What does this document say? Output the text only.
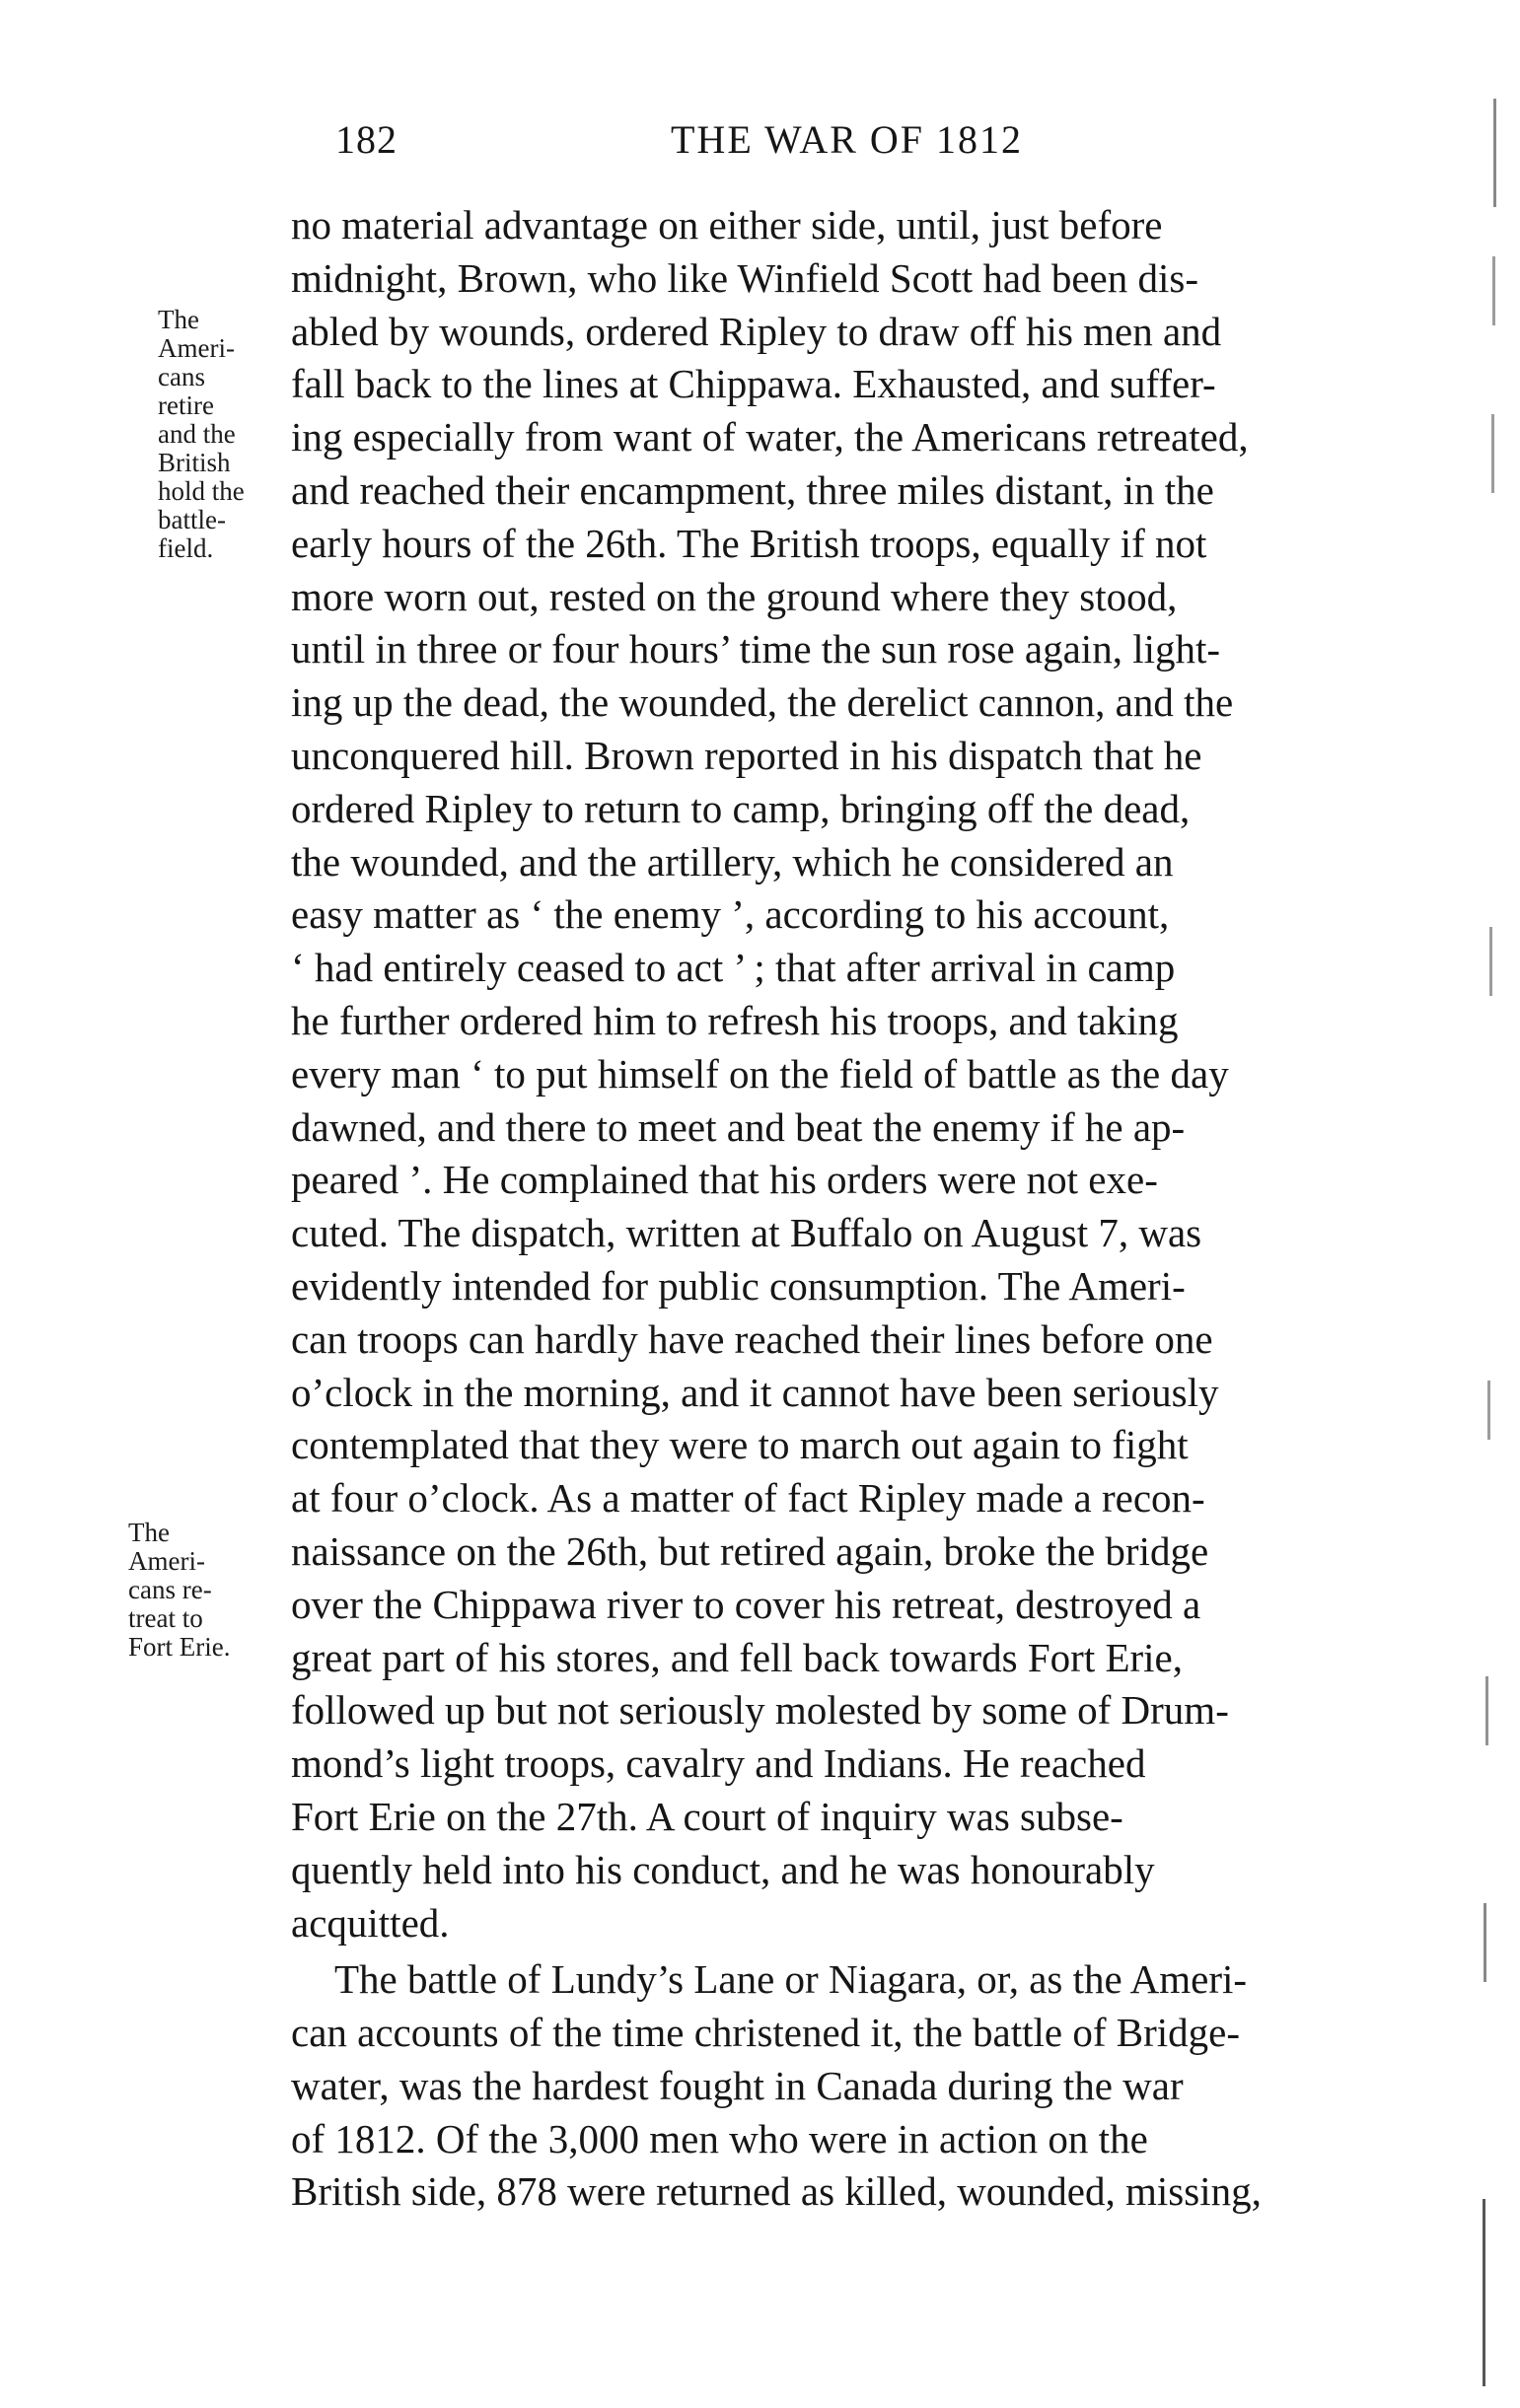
182	THE WAR OF 1812
The
Ameri-
cans
retire
and the
British
hold the
battle-
field.
The
Ameri-
cans re-
treat to
Fort Erie.
no material advantage on either side, until, just before
midnight, Brown, who like Winfield Scott had been dis-
abled by wounds, ordered Ripley to draw off his men and
fall back to the lines at Chippawa. Exhausted, and suffer-
ing especially from want of water, the Americans retreated,
and reached their encampment, three miles distant, in the
early hours of the 26th. The British troops, equally if not
more worn out, rested on the ground where they stood,
until in three or four hours’ time the sun rose again, light-
ing up the dead, the wounded, the derelict cannon, and the
unconquered hill. Brown reported in his dispatch that he
ordered Ripley to return to camp, bringing off the dead,
the wounded, and the artillery, which he considered an
easy matter as ‘ the enemy ’, according to his account,
‘ had entirely ceased to act ’ ; that after arrival in camp
he further ordered him to refresh his troops, and taking
every man ‘ to put himself on the field of battle as the day
dawned, and there to meet and beat the enemy if he ap-
peared ’. He complained that his orders were not exe-
cuted. The dispatch, written at Buffalo on August 7, was
evidently intended for public consumption. The Ameri-
can troops can hardly have reached their lines before one
o’clock in the morning, and it cannot have been seriously
contemplated that they were to march out again to fight
at four o’clock. As a matter of fact Ripley made a recon-
naissance on the 26th, but retired again, broke the bridge
over the Chippawa river to cover his retreat, destroyed a
great part of his stores, and fell back towards Fort Erie,
followed up but not seriously molested by some of Drum-
mond’s light troops, cavalry and Indians. He reached
Fort Erie on the 27th. A court of inquiry was subse-
quently held into his conduct, and he was honourably
acquitted.
The battle of Lundy’s Lane or Niagara, or, as the Ameri-
can accounts of the time christened it, the battle of Bridge-
water, was the hardest fought in Canada during the war
of 1812. Of the 3,000 men who were in action on the
British side, 878 were returned as killed, wounded, missing,
